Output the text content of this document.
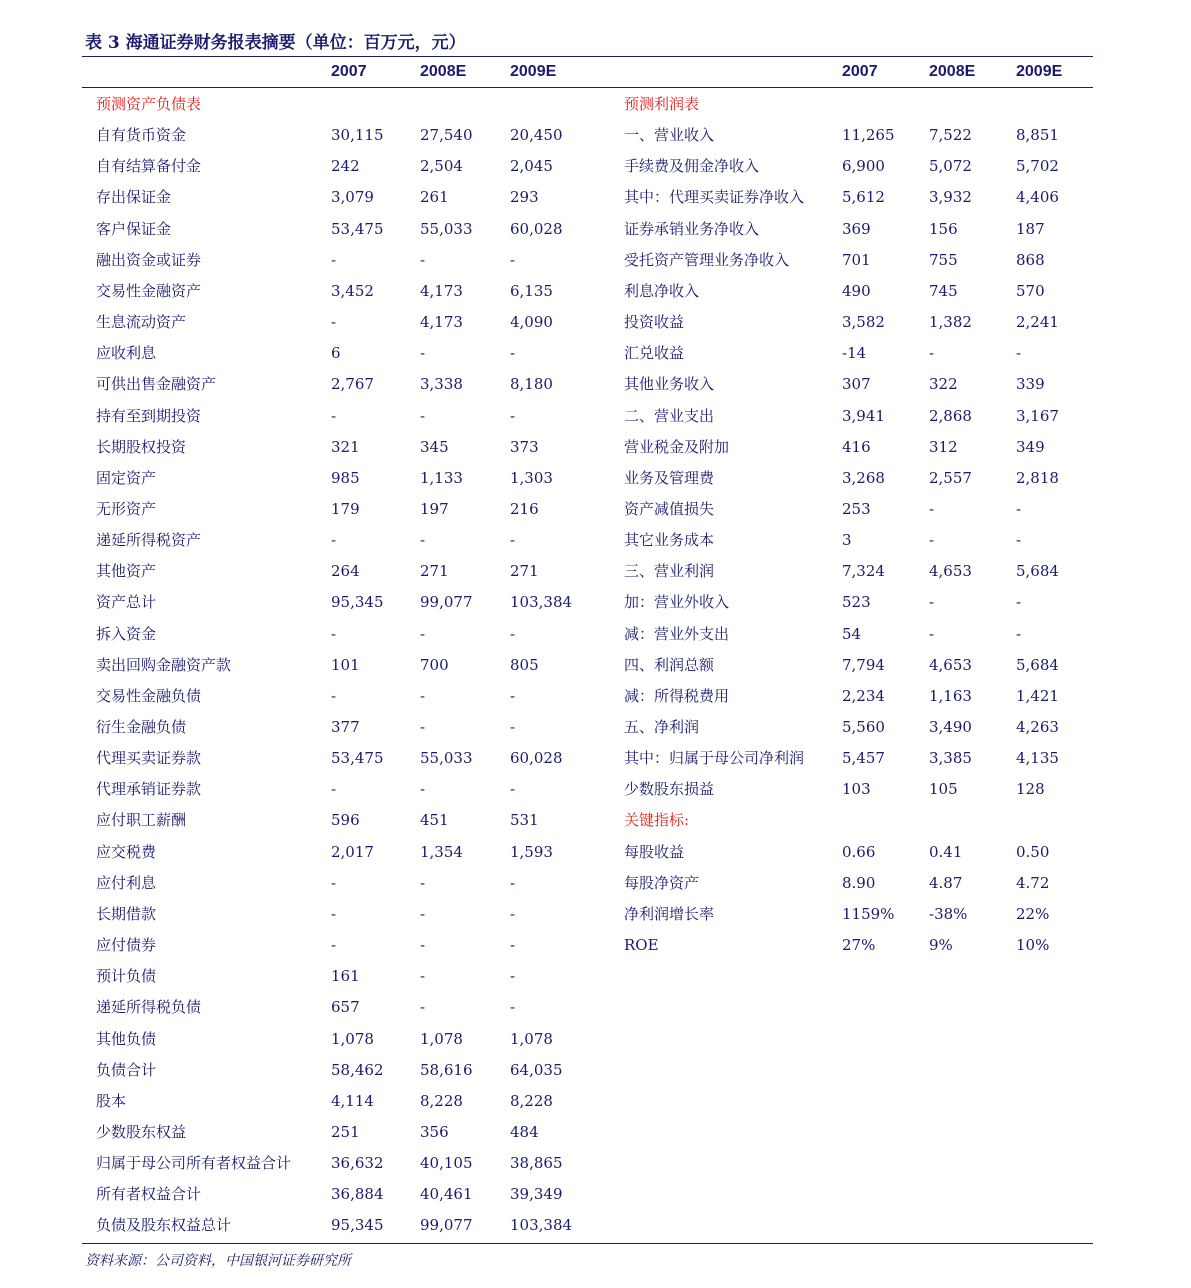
表 3 海通证券财务报表摘要（单位：百万元，元）
2007	2008E	2009E	2007	2008E	2009E
预测资产负债表
自有货币资金	30,115 27,540	20,450
自有结算备付金	242	2,504	2,045
存出保证金	3,079	261	293
客户保证金	53,475 55,033	60,028
融出资金或证券	-	-	-
交易性金融资产	3,452	4,173	6,135
生息流动资产	-	4,173	4,090
应收利息	6	-	-
可供出售金融资产	2,767	3,338	8,180
持有至到期投资	-	-	-
长期股权投资	321	345	373
固定资产	985	1,133	1,303
无形资产	179	197	216
递延所得税资产	-	-	-
其他资产	264	271	271
资产总计	95,345 99,077	103,384
拆入资金	-	-	-
卖出回购金融资产款	101	700	805
交易性金融负债	-	-	-
衍生金融负债	377	-	-
代理买卖证券款	53,475 55,033	60,028
代理承销证券款	-	-	-
应付职工薪酬	596	451	531
应交税费	2,017	1,354	1,593
应付利息	-	-	-
长期借款	-	-	-
应付债券	-	-	-
预计负债	161	-	-
递延所得税负债	657	-	-
其他负债	1,078	1,078	1,078
负债合计	58,462 58,616	64,035
股本	4,114	8,228	8,228
少数股东权益	251	356	484
归属于母公司所有者权益合计	36,632 40,105	38,865
所有者权益合计	36,884 40,461	39,349
负债及股东权益总计	95,345 99,077	103,384
预测利润表
一、营业收入	11,265 7,522	8,851
手续费及佣金净收入	6,900	5,072	5,702
其中：代理买卖证券净收入	5,612	3,932	4,406
证券承销业务净收入	369	156	187
受托资产管理业务净收入	701	755	868
利息净收入	490	745	570
投资收益	3,582	1,382	2,241
汇兑收益	-14	-	-
其他业务收入	307	322	339
二、营业支出	3,941	2,868	3,167
营业税金及附加	416	312	349
业务及管理费	3,268	2,557	2,818
资产减值损失	253	-	-
其它业务成本	3	-	-
三、营业利润	7,324	4,653	5,684
加：营业外收入	523	-	-
减：营业外支出	54	-	-
四、利润总额	7,794	4,653	5,684
减：所得税费用	2,234	1,163	1,421
五、净利润	5,560	3,490	4,263
其中：归属于母公司净利润	5,457	3,385	4,135
少数股东损益	103	105	128
关键指标:
每股收益	0.66	0.41	0.50
每股净资产	8.90	4.87	4.72
净利润增长率	1159% -38%	22%
ROE	27%	9%	10%
资料来源：公司资料，中国银河证券研究所
